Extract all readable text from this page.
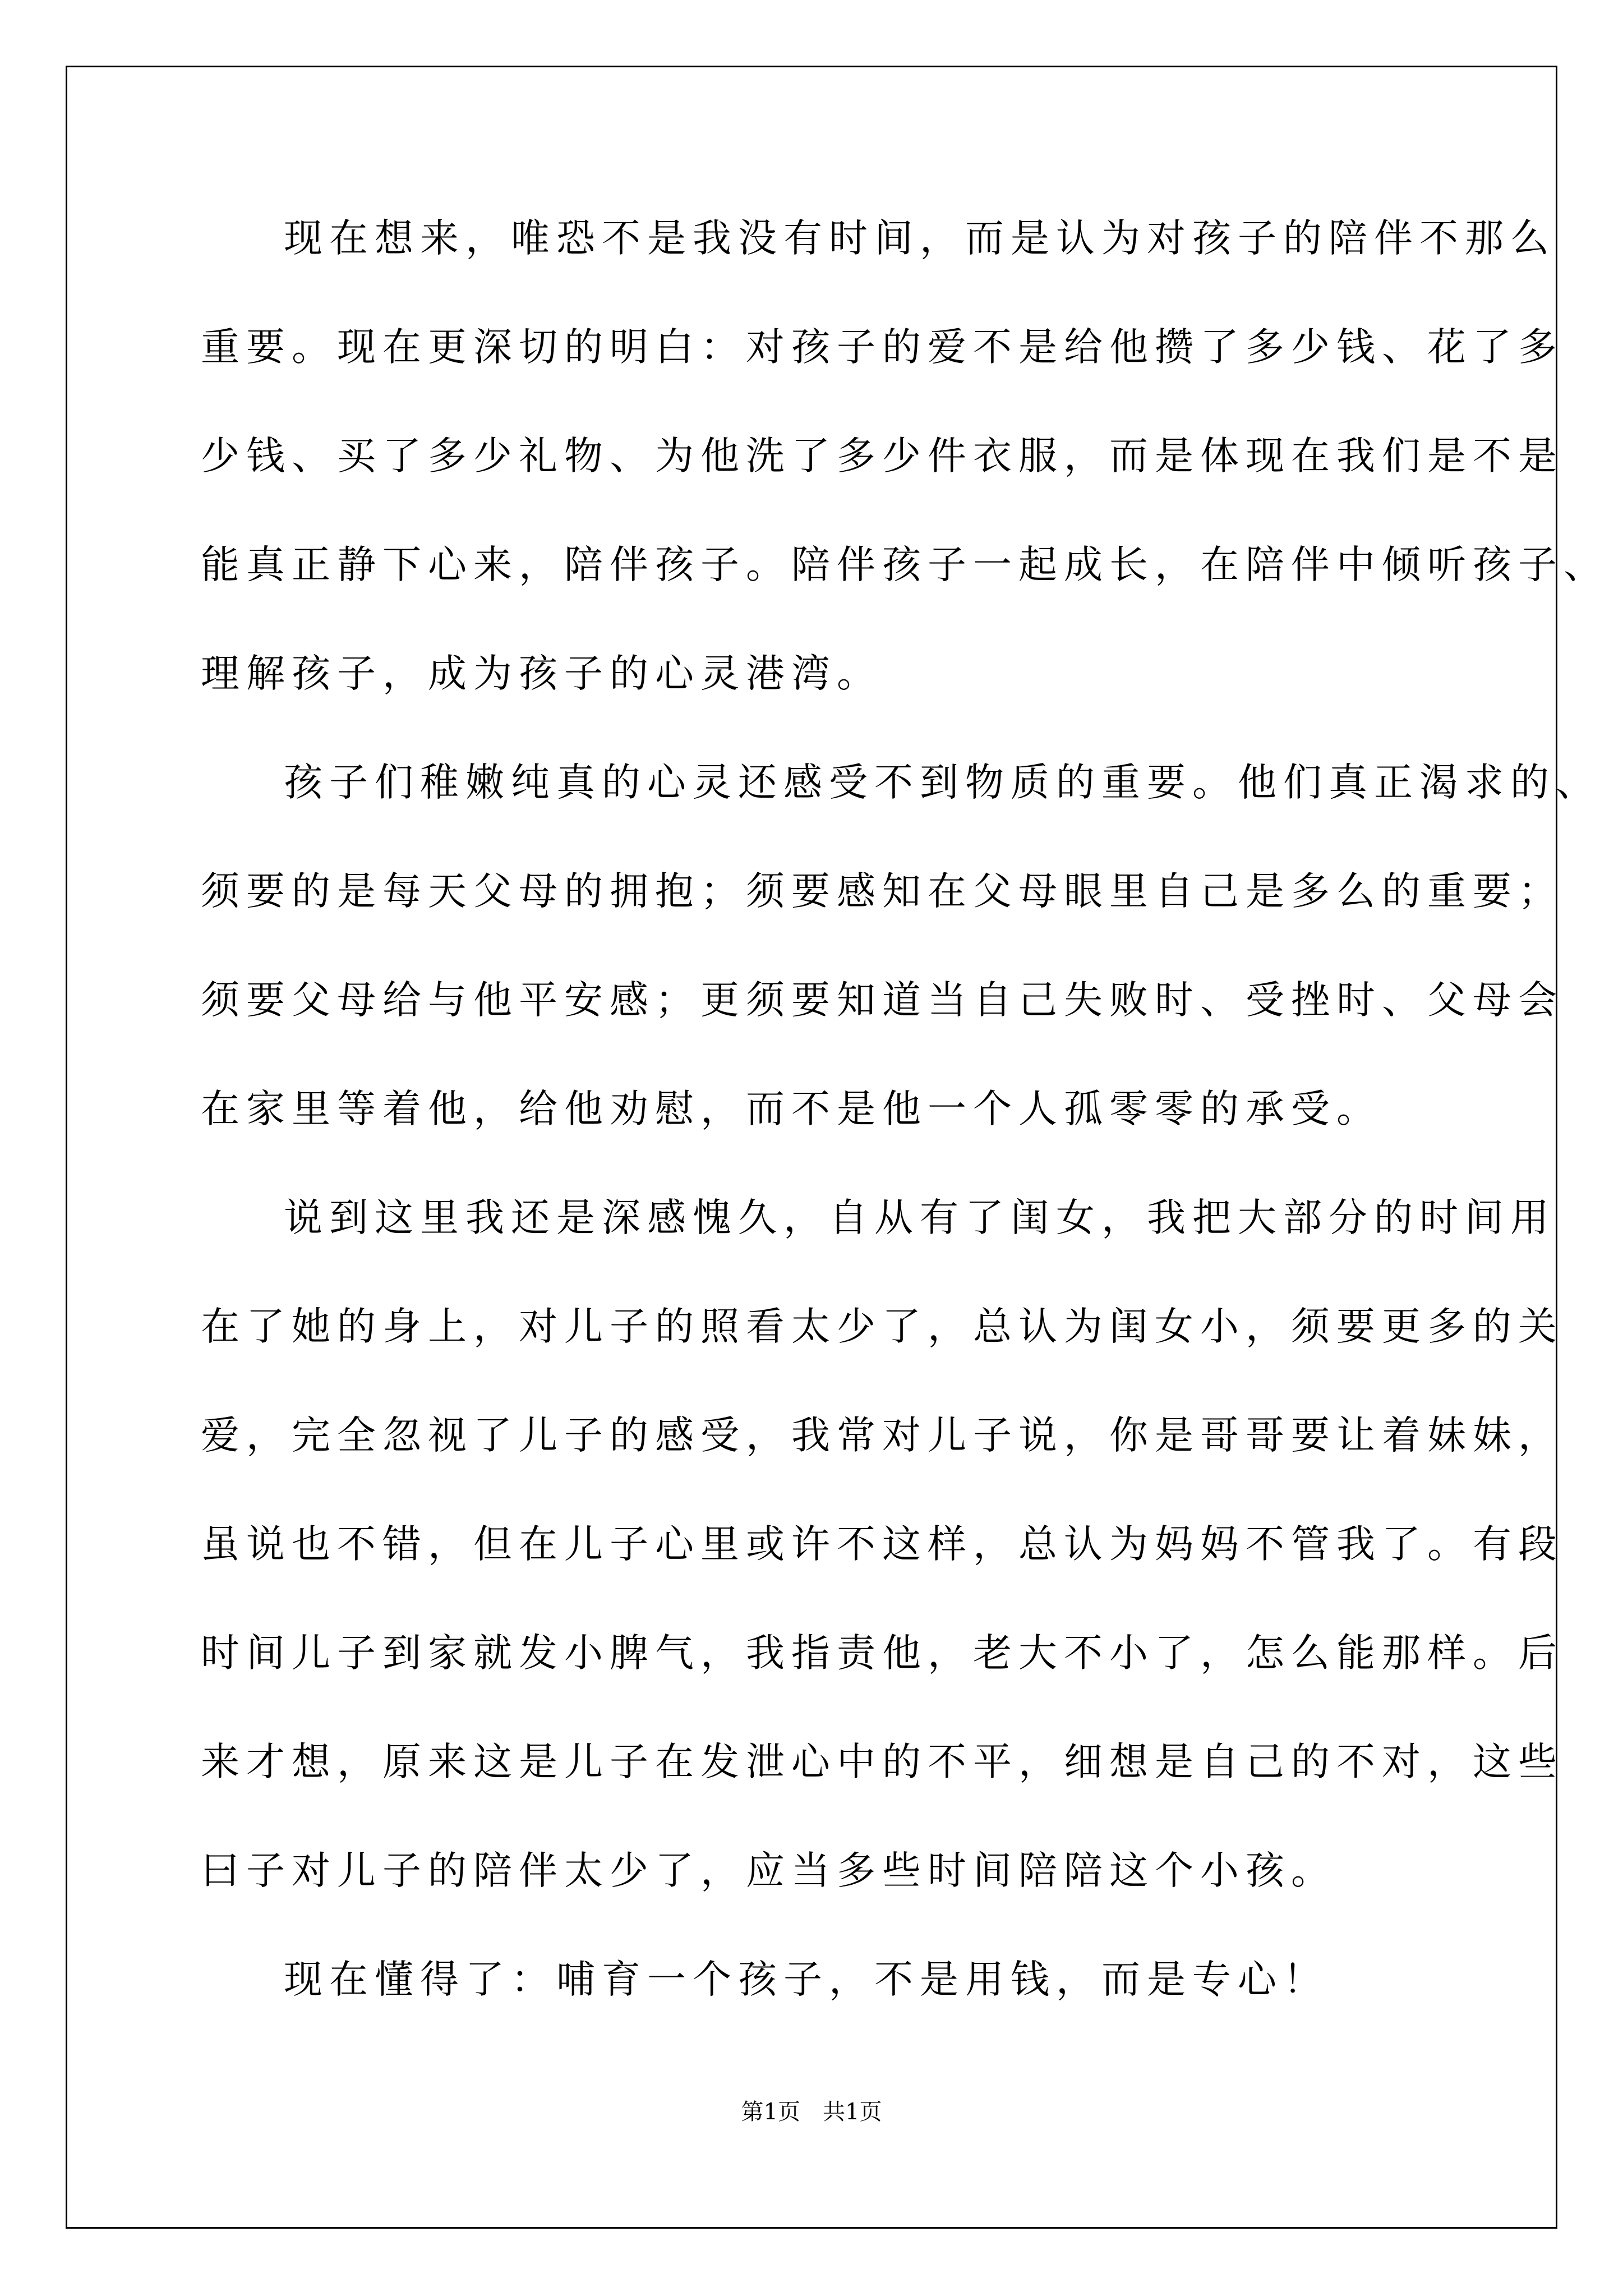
现在想来，唯恐不是我没有时间，而是认为对孩子的陪伴不那么
重要。现在更深切的明白：对孩子的爱不是给他攒了多少钱、花了多
少钱、买了多少礼物、为他洗了多少件衣服，而是体现在我们是不是
能真正静下心来，陪伴孩子。陪伴孩子一起成长，在陪伴中倾听孩子、
理解孩子，成为孩子的心灵港湾。
孩子们稚嫩纯真的心灵还感受不到物质的重要。他们真正渴求的、
须要的是每天父母的拥抱；须要感知在父母眼里自己是多么的重要；
须要父母给与他平安感；更须要知道当自己失败时、受挫时、父母会
在家里等着他，给他劝慰，而不是他一个人孤零零的承受。
说到这里我还是深感愧久，自从有了闺女，我把大部分的时间用
在了她的身上，对儿子的照看太少了，总认为闺女小，须要更多的关
爱，完全忽视了儿子的感受，我常对儿子说，你是哥哥要让着妹妹，
虽说也不错，但在儿子心里或许不这样，总认为妈妈不管我了。有段
时间儿子到家就发小脾气，我指责他，老大不小了，怎么能那样。后
来才想，原来这是儿子在发泄心中的不平，细想是自己的不对，这些
曰子对儿子的陪伴太少了，应当多些时间陪陪这个小孩。
现在懂得了：哺育一个孩子，不是用钱，而是专心！
第1页 共1页
